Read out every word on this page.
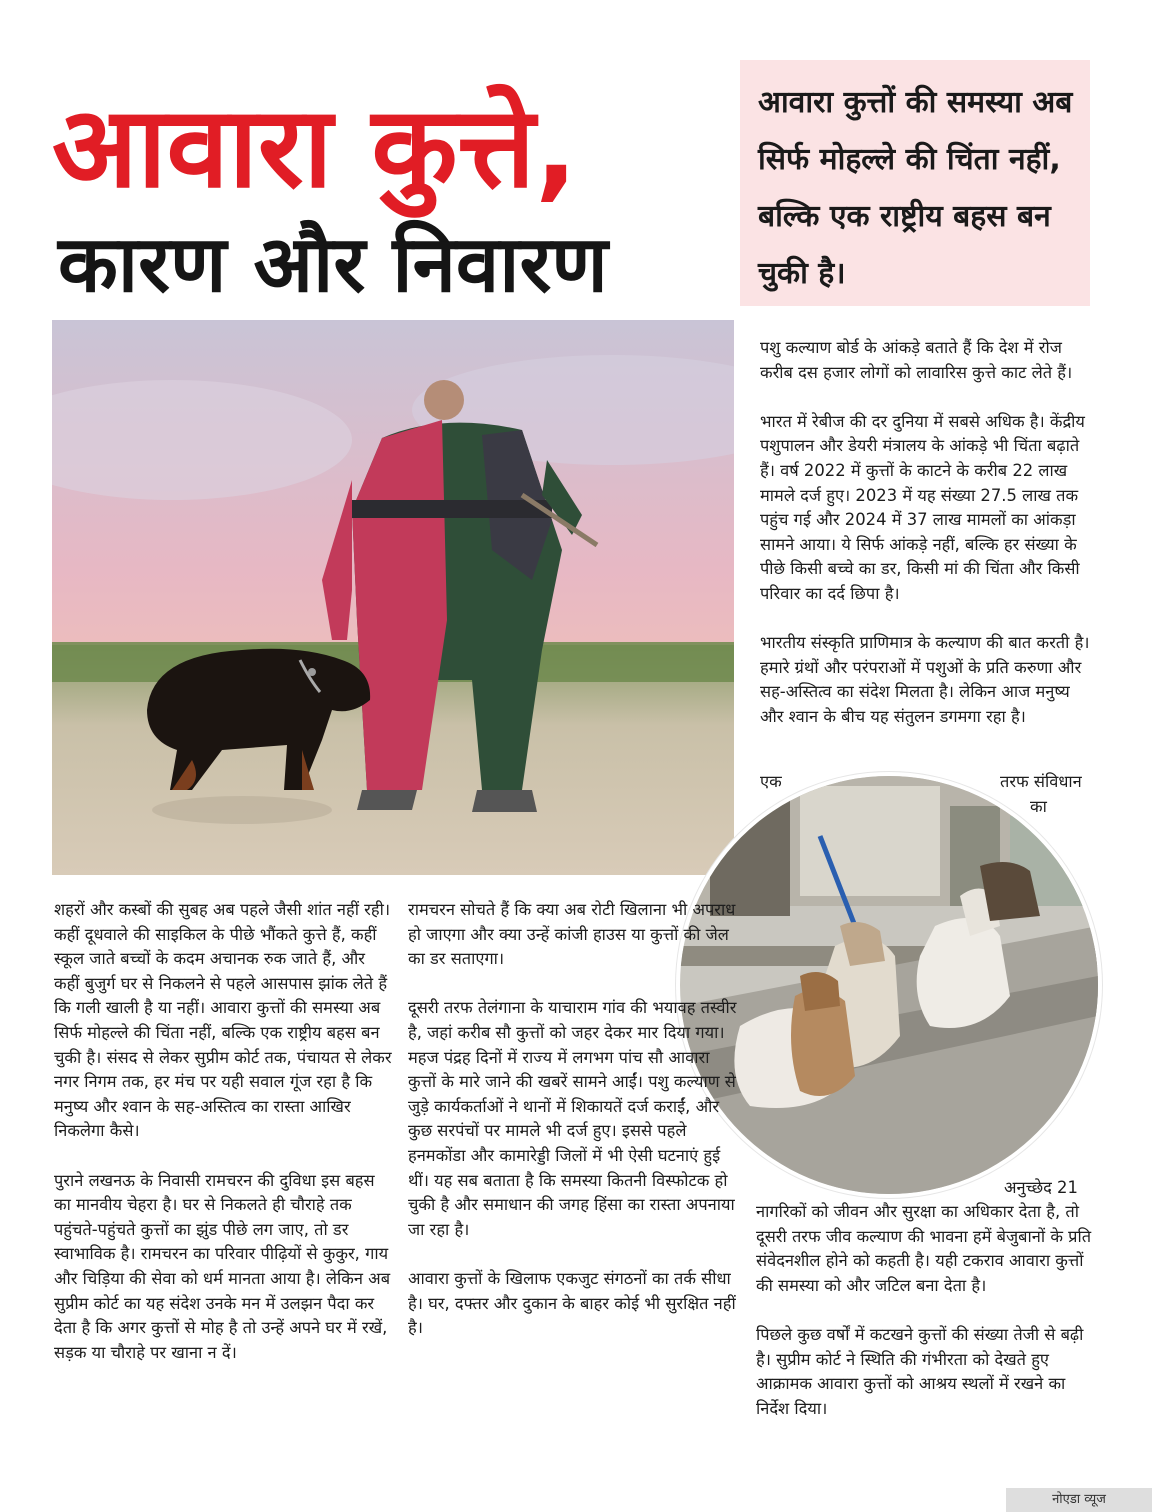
आवारा कुत्ते,
कारण और निवारण
आवारा कुत्तों की समस्या अब सिर्फ मोहल्ले की चिंता नहीं, बल्कि एक राष्ट्रीय बहस बन चुकी है।

पशु कल्याण बोर्ड के आंकड़े बताते हैं कि देश में रोज करीब दस हजार लोगों को लावारिस कुत्ते काट लेते हैं।

भारत में रेबीज की दर दुनिया में सबसे अधिक है। केंद्रीय पशुपालन और डेयरी मंत्रालय के आंकड़े भी चिंता बढ़ाते हैं। वर्ष 2022 में कुत्तों के काटने के करीब 22 लाख मामले दर्ज हुए। 2023 में यह संख्या 27.5 लाख तक पहुंच गई और 2024 में 37 लाख मामलों का आंकड़ा सामने आया। ये सिर्फ आंकड़े नहीं, बल्कि हर संख्या के पीछे किसी बच्चे का डर, किसी मां की चिंता और किसी परिवार का दर्द छिपा है।

भारतीय संस्कृति प्राणिमात्र के कल्याण की बात करती है। हमारे ग्रंथों और परंपराओं में पशुओं के प्रति करुणा और सह-अस्तित्व का संदेश मिलता है। लेकिन आज मनुष्य और श्वान के बीच यह संतुलन डगमगा रहा है।

एक	तरफ संविधान
का
अनुच्छेद 21

शहरों और कस्बों की सुबह अब पहले जैसी शांत नहीं रही। कहीं दूधवाले की साइकिल के पीछे भौंकते कुत्ते हैं, कहीं स्कूल जाते बच्चों के कदम अचानक रुक जाते हैं, और कहीं बुजुर्ग घर से निकलने से पहले आसपास झांक लेते हैं कि गली खाली है या नहीं। आवारा कुत्तों की समस्या अब सिर्फ मोहल्ले की चिंता नहीं, बल्कि एक राष्ट्रीय बहस बन चुकी है। संसद से लेकर सुप्रीम कोर्ट तक, पंचायत से लेकर नगर निगम तक, हर मंच पर यही सवाल गूंज रहा है कि मनुष्य और श्वान के सह-अस्तित्व का रास्ता आखिर निकलेगा कैसे।

पुराने लखनऊ के निवासी रामचरन की दुविधा इस बहस का मानवीय चेहरा है। घर से निकलते ही चौराहे तक पहुंचते-पहुंचते कुत्तों का झुंड पीछे लग जाए, तो डर स्वाभाविक है। रामचरन का परिवार पीढ़ियों से कुकुर, गाय और चिड़िया की सेवा को धर्म मानता आया है। लेकिन अब सुप्रीम कोर्ट का यह संदेश उनके मन में उलझन पैदा कर देता है कि अगर कुत्तों से मोह है तो उन्हें अपने घर में रखें, सड़क या चौराहे पर खाना न दें।

रामचरन सोचते हैं कि क्या अब रोटी खिलाना भी अपराध हो जाएगा और क्या उन्हें कांजी हाउस या कुत्तों की जेल का डर सताएगा।

दूसरी तरफ तेलंगाना के याचाराम गांव की भयावह तस्वीर है, जहां करीब सौ कुत्तों को जहर देकर मार दिया गया। महज पंद्रह दिनों में राज्य में लगभग पांच सौ आवारा कुत्तों के मारे जाने की खबरें सामने आईं। पशु कल्याण से जुड़े कार्यकर्ताओं ने थानों में शिकायतें दर्ज कराईं, और कुछ सरपंचों पर मामले भी दर्ज हुए। इससे पहले हनमकोंडा और कामारेड्डी जिलों में भी ऐसी घटनाएं हुई थीं। यह सब बताता है कि समस्या कितनी विस्फोटक हो चुकी है और समाधान की जगह हिंसा का रास्ता अपनाया जा रहा है।

आवारा कुत्तों के खिलाफ एकजुट संगठनों का तर्क सीधा है। घर, दफ्तर और दुकान के बाहर कोई भी सुरक्षित नहीं है।

नागरिकों को जीवन और सुरक्षा का अधिकार देता है, तो दूसरी तरफ जीव कल्याण की भावना हमें बेजुबानों के प्रति संवेदनशील होने को कहती है। यही टकराव आवारा कुत्तों की समस्या को और जटिल बना देता है।

पिछले कुछ वर्षों में कटखने कुत्तों की संख्या तेजी से बढ़ी है। सुप्रीम कोर्ट ने स्थिति की गंभीरता को देखते हुए आक्रामक आवारा कुत्तों को आश्रय स्थलों में रखने का निर्देश दिया।

नोएडा व्यूज
